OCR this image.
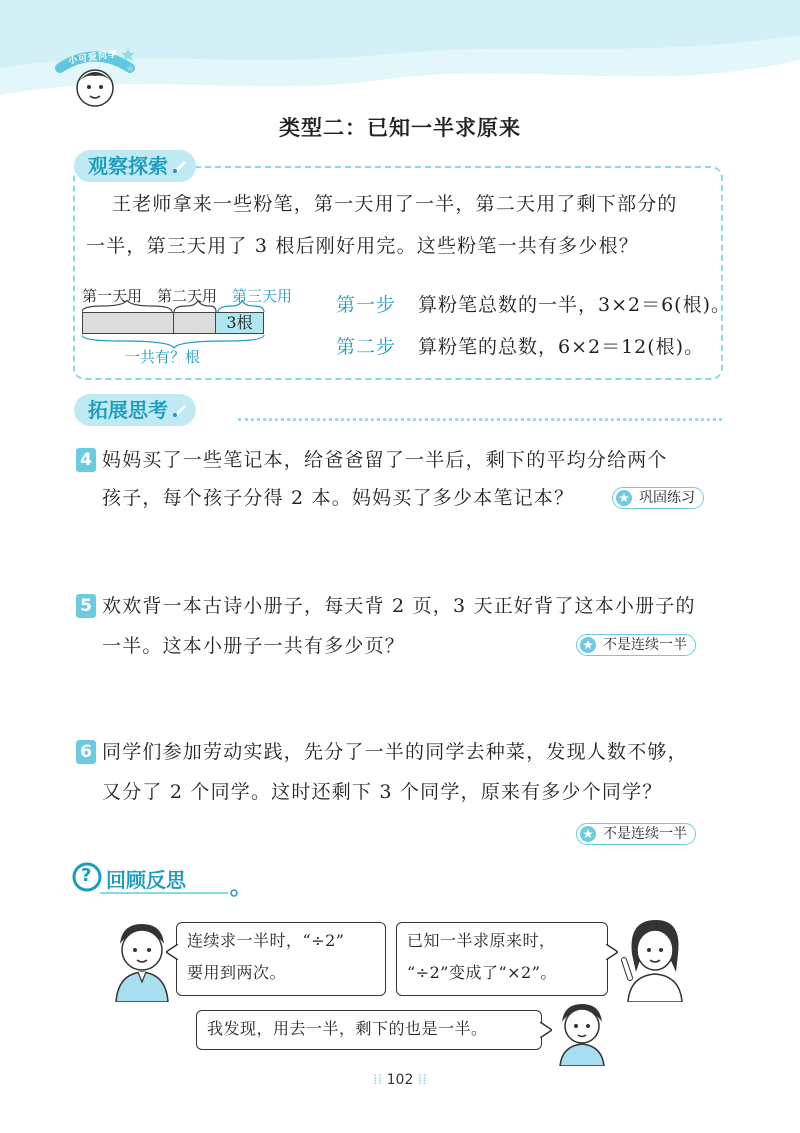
小可爱同学
类型二：已知一半求原来
观察探索
王老师拿来一些粉笔，第一天用了一半，第二天用了剩下部分的
一半，第三天用了 3 根后刚好用完。这些粉笔一共有多少根？
第一天用 第二天用 第三天用
3根
一共有？根
第一步 算粉笔总数的一半，3×2＝6(根)。
第二步 算粉笔的总数，6×2＝12(根)。
拓展思考
4 妈妈买了一些笔记本，给爸爸留了一半后，剩下的平均分给两个
孩子，每个孩子分得 2 本。妈妈买了多少本笔记本？	巩固练习
5 欢欢背一本古诗小册子，每天背 2 页，3 天正好背了这本小册子的
一半。这本小册子一共有多少页？	不是连续一半
6 同学们参加劳动实践，先分了一半的同学去种菜，发现人数不够，
又分了 2 个同学。这时还剩下 3 个同学，原来有多少个同学？
不是连续一半
? 回顾反思
连续求一半时，“÷2”
要用到两次。
已知一半求原来时，
“÷2”变成了“×2”。
我发现，用去一半，剩下的也是一半。
⁞⁞ 102 ⁞⁞
